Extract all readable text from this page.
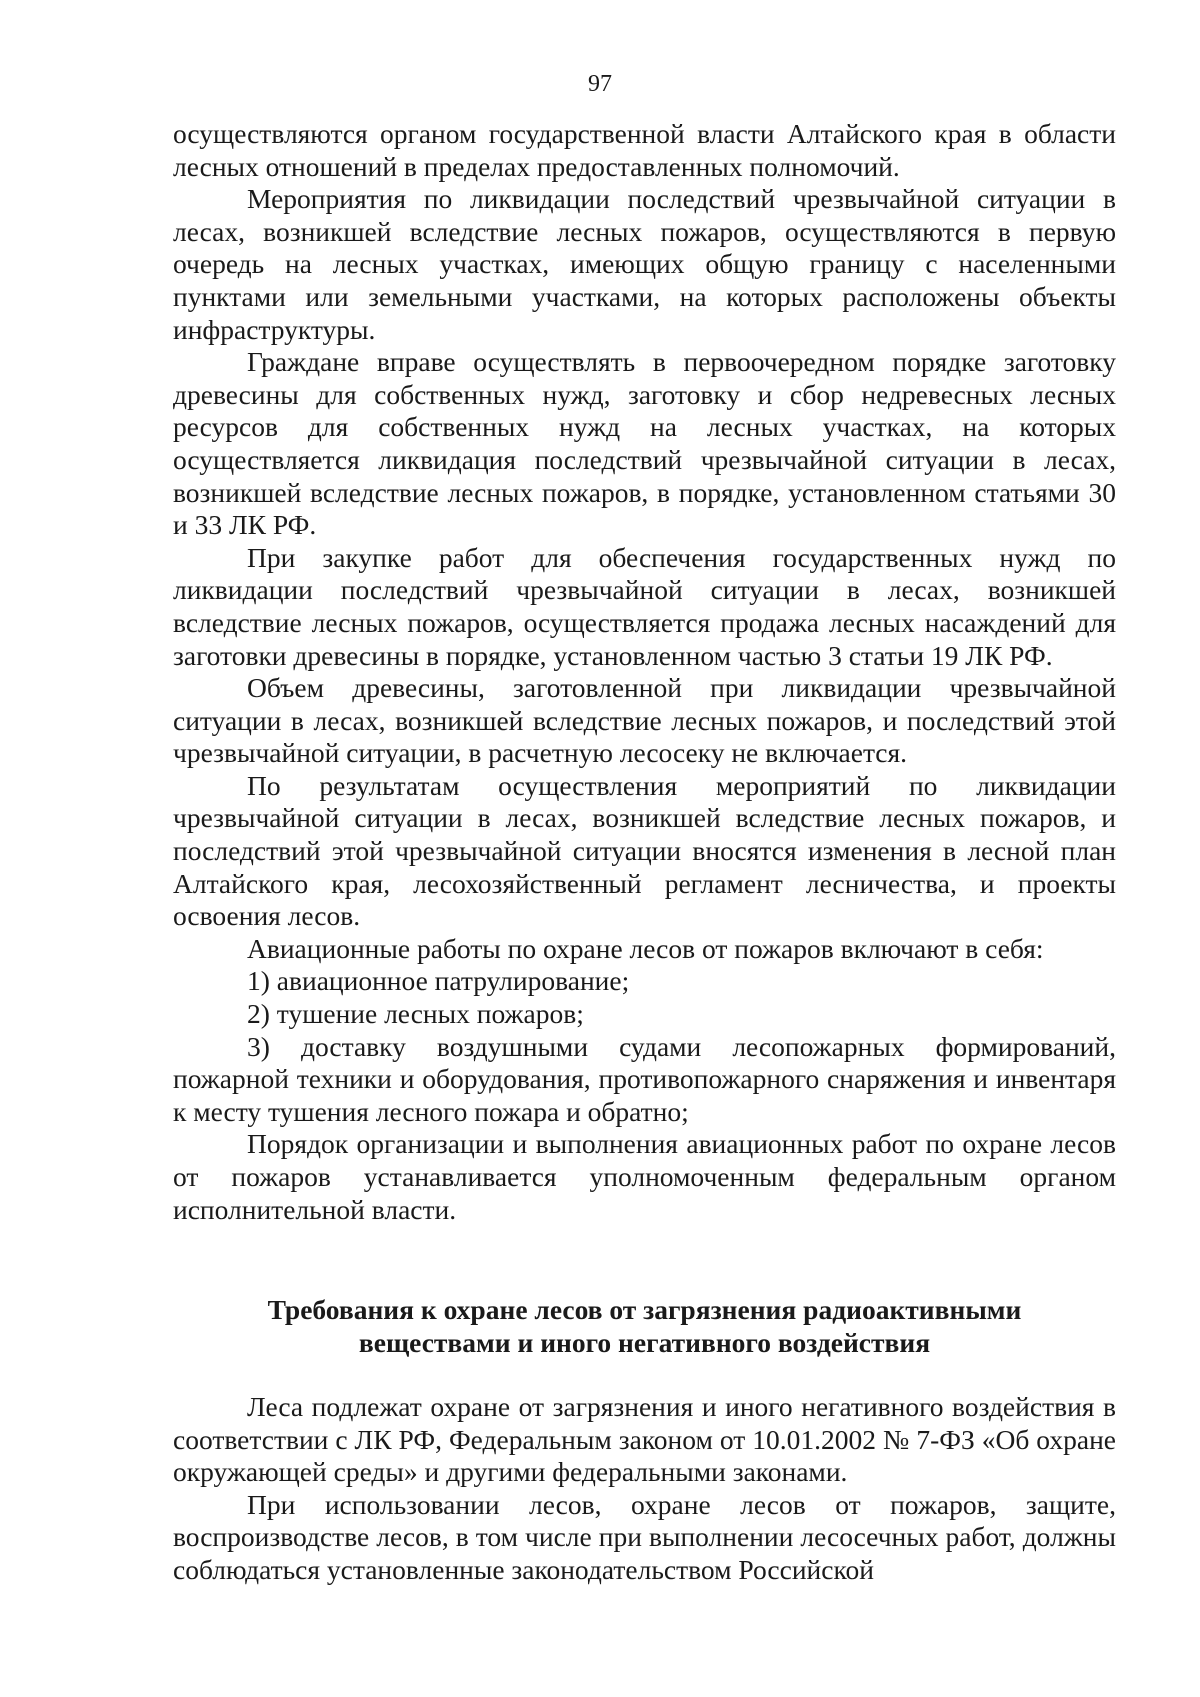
97

осуществляются органом государственной власти Алтайского края в области лесных отношений в пределах предоставленных полномочий.

Мероприятия по ликвидации последствий чрезвычайной ситуации в лесах, возникшей вследствие лесных пожаров, осуществляются в первую очередь на лесных участках, имеющих общую границу с населенными пунктами или земельными участками, на которых расположены объекты инфраструктуры.

Граждане вправе осуществлять в первоочередном порядке заготовку древесины для собственных нужд, заготовку и сбор недревесных лесных ресурсов для собственных нужд на лесных участках, на которых осуществляется ликвидация последствий чрезвычайной ситуации в лесах, возникшей вследствие лесных пожаров, в порядке, установленном статьями 30 и 33 ЛК РФ.

При закупке работ для обеспечения государственных нужд по ликвидации последствий чрезвычайной ситуации в лесах, возникшей вследствие лесных пожаров, осуществляется продажа лесных насаждений для заготовки древесины в порядке, установленном частью 3 статьи 19 ЛК РФ.

Объем древесины, заготовленной при ликвидации чрезвычайной ситуации в лесах, возникшей вследствие лесных пожаров, и последствий этой чрезвычайной ситуации, в расчетную лесосеку не включается.

По результатам осуществления мероприятий по ликвидации чрезвычайной ситуации в лесах, возникшей вследствие лесных пожаров, и последствий этой чрезвычайной ситуации вносятся изменения в лесной план Алтайского края, лесохозяйственный регламент лесничества, и проекты освоения лесов.

Авиационные работы по охране лесов от пожаров включают в себя:

1) авиационное патрулирование;

2) тушение лесных пожаров;

3) доставку воздушными судами лесопожарных формирований, пожарной техники и оборудования, противопожарного снаряжения и инвентаря к месту тушения лесного пожара и обратно;

Порядок организации и выполнения авиационных работ по охране лесов от пожаров устанавливается уполномоченным федеральным органом исполнительной власти.

Требования к охране лесов от загрязнения радиоактивными
веществами и иного негативного воздействия

Леса подлежат охране от загрязнения и иного негативного воздействия в соответствии с ЛК РФ, Федеральным законом от 10.01.2002 № 7-ФЗ «Об охране окружающей среды» и другими федеральными законами.

При использовании лесов, охране лесов от пожаров, защите, воспроизводстве лесов, в том числе при выполнении лесосечных работ, должны соблюдаться установленные законодательством Российской
